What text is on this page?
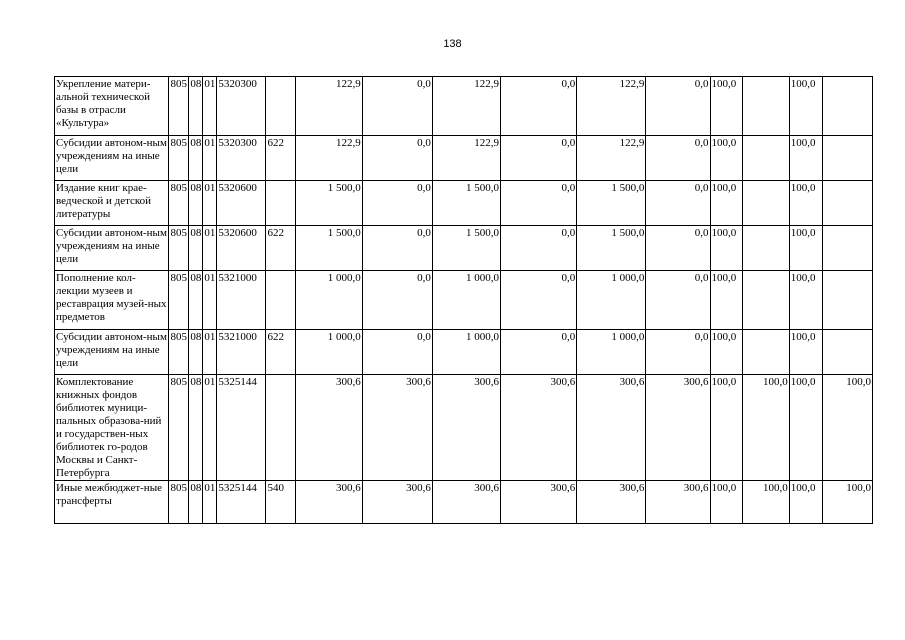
138
Укрепление матери-альной технической базы в отрасли «Культура»	805	08	01	5320300		122,9	0,0	122,9	0,0	122,9	0,0	100,0		100,0	
Субсидии автоном-ным учреждениям на иные цели	805	08	01	5320300	622	122,9	0,0	122,9	0,0	122,9	0,0	100,0		100,0	
Издание книг крае-ведческой и детской литературы	805	08	01	5320600		1 500,0	0,0	1 500,0	0,0	1 500,0	0,0	100,0		100,0	
Субсидии автоном-ным учреждениям на иные цели	805	08	01	5320600	622	1 500,0	0,0	1 500,0	0,0	1 500,0	0,0	100,0		100,0	
Пополнение кол-лекции музеев и реставрация музей-ных предметов	805	08	01	5321000		1 000,0	0,0	1 000,0	0,0	1 000,0	0,0	100,0		100,0	
Субсидии автоном-ным учреждениям на иные цели	805	08	01	5321000	622	1 000,0	0,0	1 000,0	0,0	1 000,0	0,0	100,0		100,0	
Комплектование книжных фондов библиотек муници-пальных образова-ний и государствен-ных библиотек го-родов Москвы и Санкт-Петербурга	805	08	01	5325144		300,6	300,6	300,6	300,6	300,6	300,6	100,0	100,0	100,0	100,0
Иные межбюджет-ные трансферты	805	08	01	5325144	540	300,6	300,6	300,6	300,6	300,6	300,6	100,0	100,0	100,0	100,0
